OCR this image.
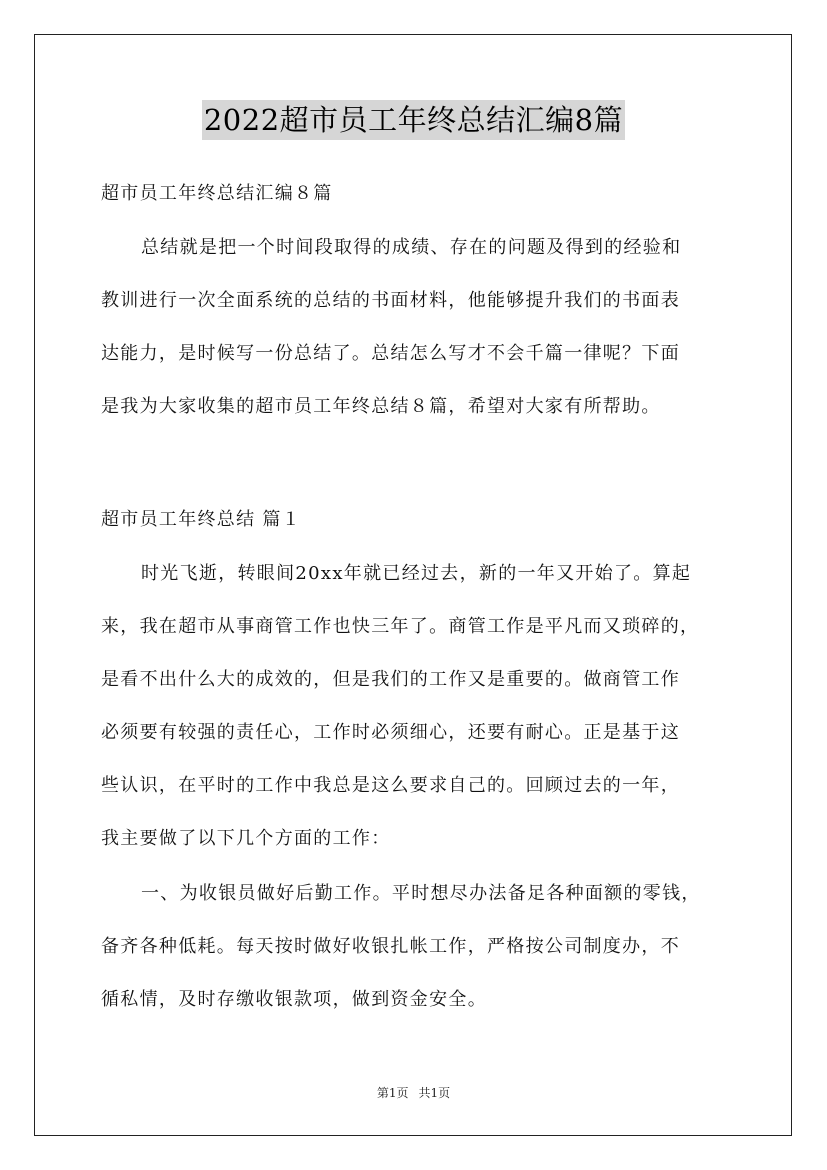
2022超市员工年终总结汇编8篇
超市员工年终总结汇编８篇
总结就是把一个时间段取得的成绩、存在的问题及得到的经验和
教训进行一次全面系统的总结的书面材料，他能够提升我们的书面表
达能力，是时候写一份总结了。总结怎么写才不会千篇一律呢？下面
是我为大家收集的超市员工年终总结８篇，希望对大家有所帮助。
超市员工年终总结 篇１
时光飞逝，转眼间20xx年就已经过去，新的一年又开始了。算起
来，我在超市从事商管工作也快三年了。商管工作是平凡而又琐碎的，
是看不出什么大的成效的，但是我们的工作又是重要的。做商管工作
必须要有较强的责任心，工作时必须细心，还要有耐心。正是基于这
些认识，在平时的工作中我总是这么要求自己的。回顾过去的一年，
我主要做了以下几个方面的工作：
一、为收银员做好后勤工作。平时想尽办法备足各种面额的零钱，
备齐各种低耗。每天按时做好收银扎帐工作，严格按公司制度办，不
循私情，及时存缴收银款项，做到资金安全。
第1页 共1页
